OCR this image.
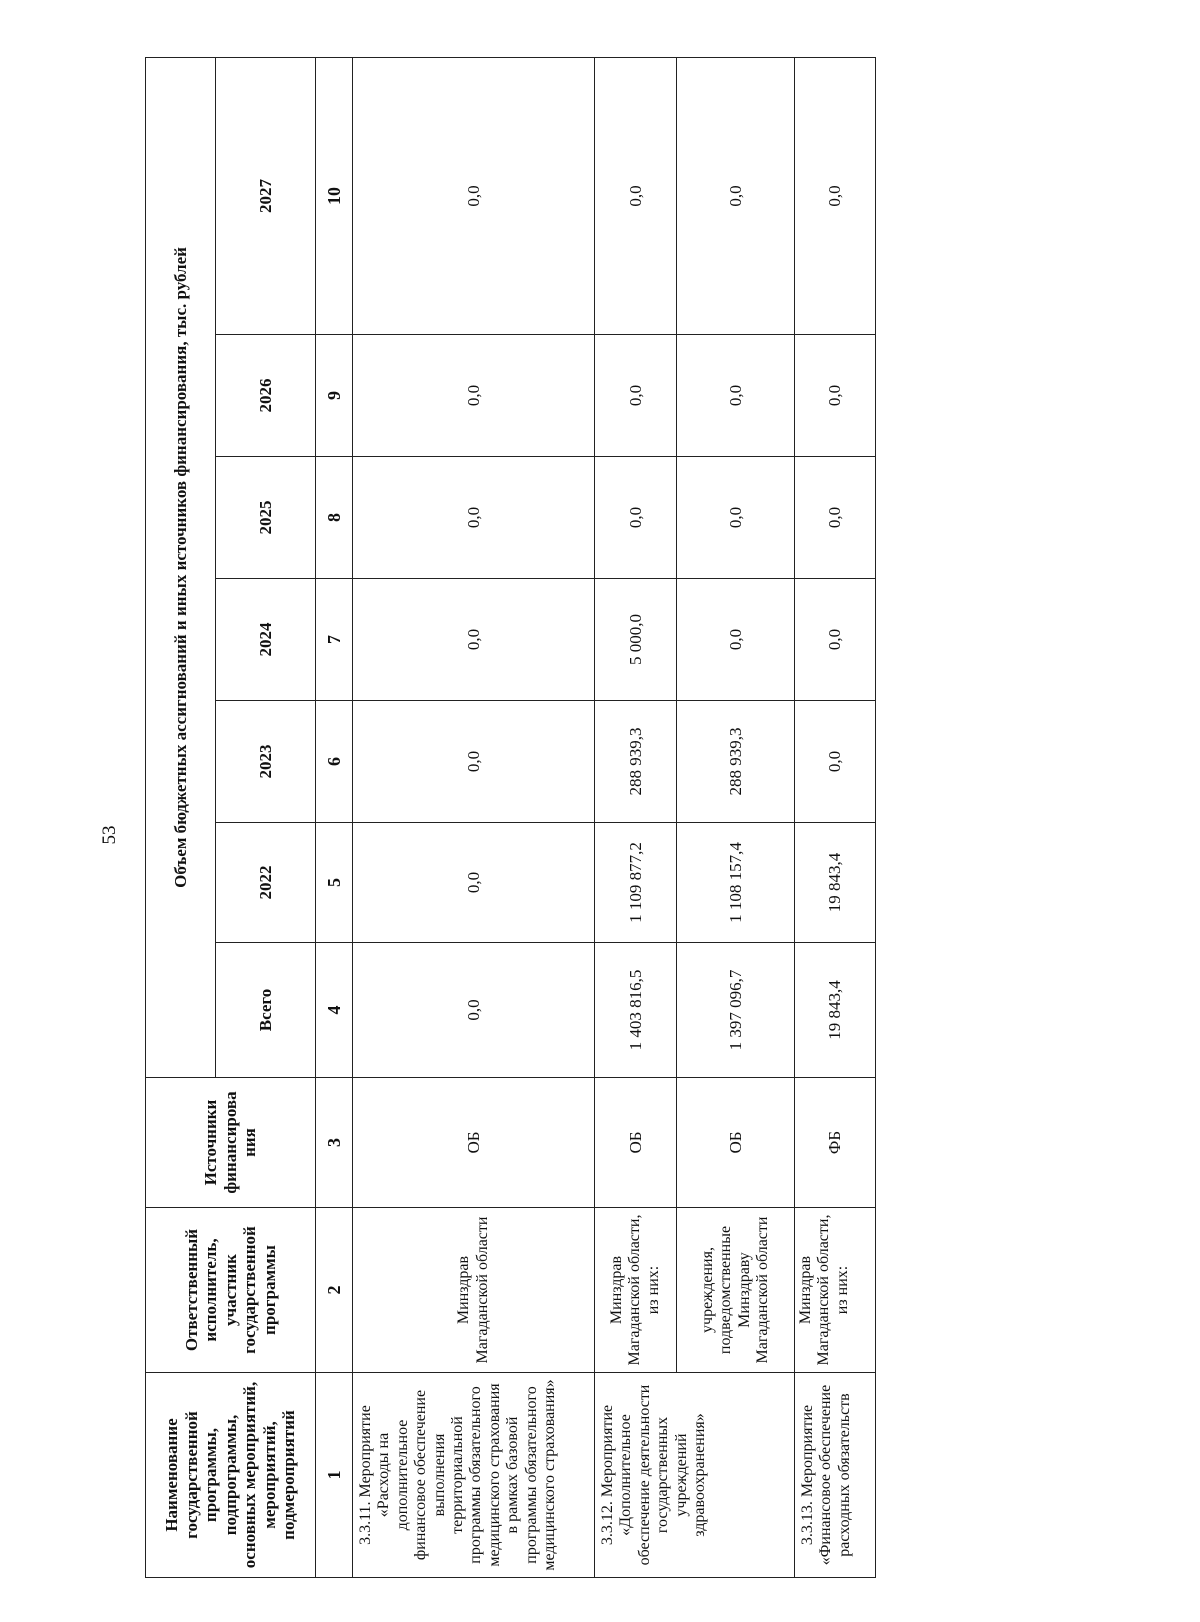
53
Наименование государственной программы, подпрограммы, основных мероприятий, мероприятий, подмероприятий	Ответственный исполнитель, участник государственной программы	Источники финансирова ния	Объем бюджетных ассигнований и иных источников финансирования, тыс. рублей						
			Всего	2022	2023	2024	2025	2026	2027
1	2	3	4	5	6	7	8	9	10
3.3.11. Мероприятие «Расходы на дополнительное финансовое обеспечение выполнения территориальной программы обязательного медицинского страхования в рамках базовой программы обязательного медицинского страхования»	Минздрав Магаданской области	ОБ	0,0	0,0	0,0	0,0	0,0	0,0	0,0
3.3.12. Мероприятие «Дополнительное обеспечение деятельности государственных учреждений здравоохранения»	Минздрав Магаданской области, из них:	ОБ	1 403 816,5	1 109 877,2	288 939,3	5 000,0	0,0	0,0	0,0
	учреждения, подведомственные Минздраву Магаданской области	ОБ	1 397 096,7	1 108 157,4	288 939,3	0,0	0,0	0,0	0,0
3.3.13. Мероприятие «Финансовое обеспечение расходных обязательств	Минздрав Магаданской области, из них:	ФБ	19 843,4	19 843,4	0,0	0,0	0,0	0,0	0,0
